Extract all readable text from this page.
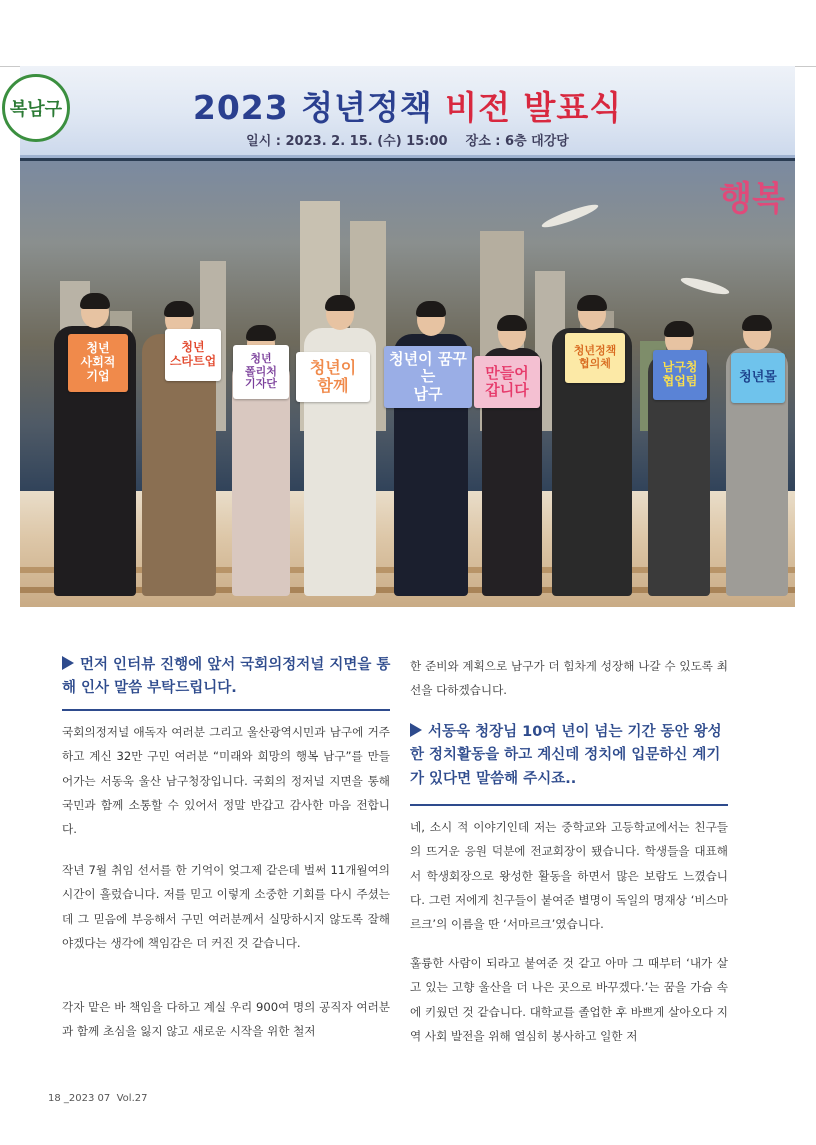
복남구	2023 청년정책 비전 발표식
일시 : 2023. 2. 15. (수) 15:00    장소 : 6층 대강당
행복
청년
사회적
기업
청년
스타트업	청년
폴리처
기자단
청년이
함께
청년이 꿈꾸는
남구
만들어
갑니다
청년정책
협의체	남구청
협업팀	청년몰
먼저 인터뷰 진행에 앞서 국회의정저널 지면을 통해 인사 말씀 부탁드립니다.
국회의정저널 애독자 여러분 그리고 울산광역시민과 남구에 거주하고 계신 32만 구민 여러분 “미래와 희망의 행복 남구”를 만들어가는 서동욱 울산 남구청장입니다. 국회의 정저널 지면을 통해 국민과 함께 소통할 수 있어서 정말 반갑고 감사한 마음 전합니다.
작년 7월 취임 선서를 한 기억이 엊그제 같은데 벌써 11개월여의 시간이 흘렀습니다. 저를 믿고 이렇게 소중한 기회를 다시 주셨는데 그 믿음에 부응해서 구민 여러분께서 실망하시지 않도록 잘해야겠다는 생각에 책임감은 더 커진 것 같습니다.
각자 맡은 바 책임을 다하고 계실 우리 900여 명의 공직자 여러분과 함께 초심을 잃지 않고 새로운 시작을 위한 철저
한 준비와 계획으로 남구가 더 힘차게 성장해 나갈 수 있도록 최선을 다하겠습니다.
서동욱 청장님 10여 년이 넘는 기간 동안 왕성한 정치활동을 하고 계신데 정치에 입문하신 계기가 있다면 말씀해 주시죠..
네, 소시 적 이야기인데 저는 중학교와 고등학교에서는 친구들의 뜨거운 응원 덕분에 전교회장이 됐습니다. 학생들을 대표해서 학생회장으로 왕성한 활동을 하면서 많은 보람도 느꼈습니다. 그런 저에게 친구들이 붙여준 별명이 독일의 명재상 ‘비스마르크’의 이름을 딴 ‘서마르크’였습니다.
훌륭한 사람이 되라고 붙여준 것 같고 아마 그 때부터 ‘내가 살고 있는 고향 울산을 더 나은 곳으로 바꾸겠다.’는 꿈을 가슴 속에 키웠던 것 같습니다. 대학교를 졸업한 후 바쁘게 살아오다 지역 사회 발전을 위해 열심히 봉사하고 일한 저
18 _2023 07  Vol.27
